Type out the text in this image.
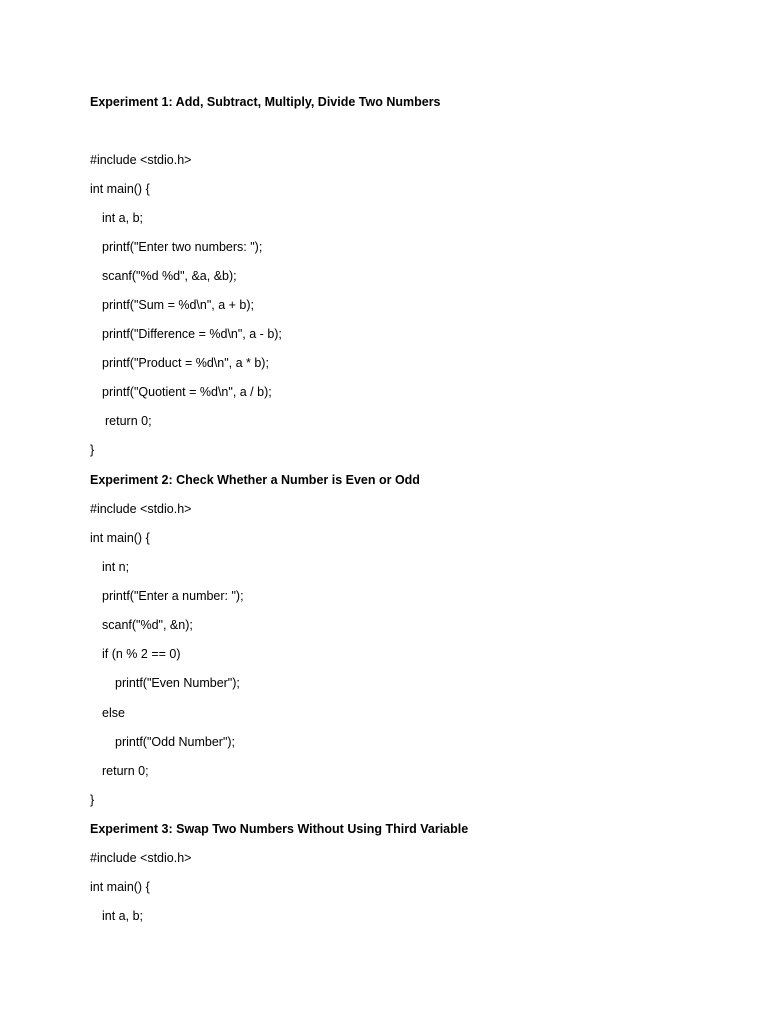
Experiment 1: Add, Subtract, Multiply, Divide Two Numbers
#include <stdio.h>
int main() {
int a, b;
printf("Enter two numbers: ");
scanf("%d %d", &a, &b);
printf("Sum = %d\n", a + b);
printf("Difference = %d\n", a - b);
printf("Product = %d\n", a * b);
printf("Quotient = %d\n", a / b);
return 0;
}
Experiment 2: Check Whether a Number is Even or Odd
#include <stdio.h>
int main() {
int n;
printf("Enter a number: ");
scanf("%d", &n);
if (n % 2 == 0)
printf("Even Number");
else
printf("Odd Number");
return 0;
}
Experiment 3: Swap Two Numbers Without Using Third Variable
#include <stdio.h>
int main() {
int a, b;
